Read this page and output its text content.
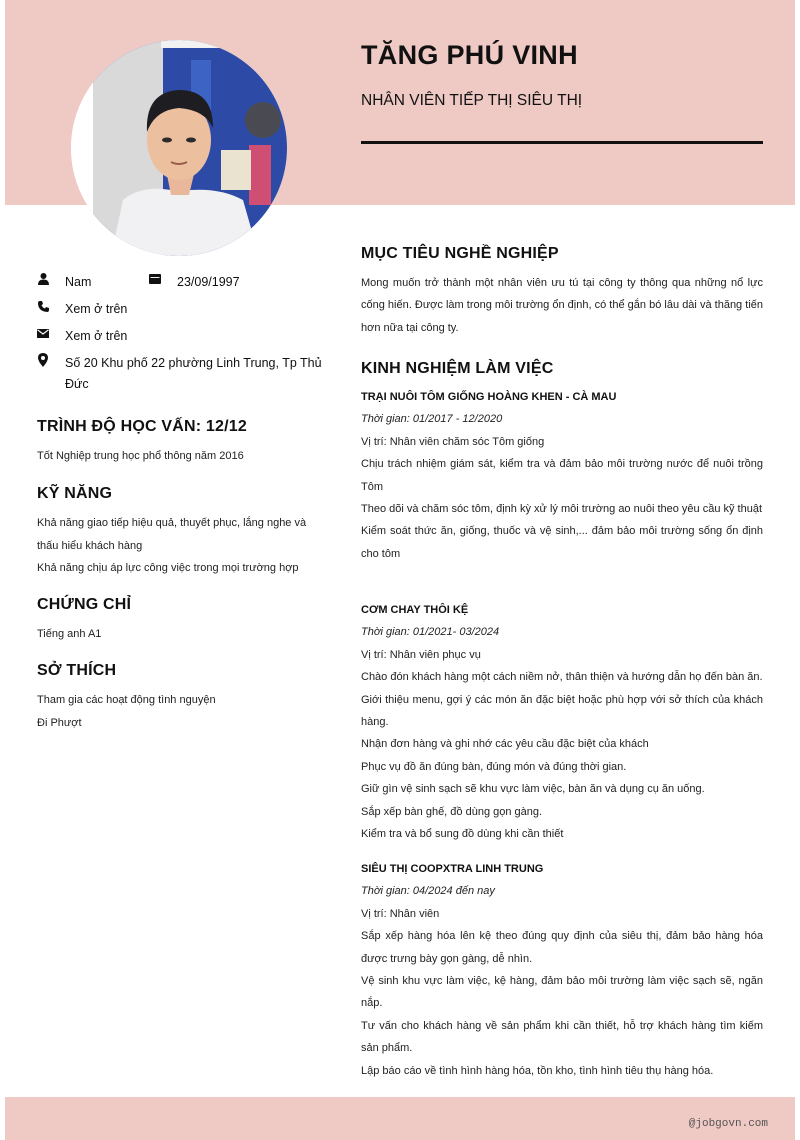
TĂNG PHÚ VINH
NHÂN VIÊN TIẾP THỊ SIÊU THỊ
Nam	23/09/1997
Xem ở trên
Xem ở trên
Số 20 Khu phố 22 phường Linh Trung, Tp Thủ Đức
TRÌNH ĐỘ HỌC VẤN: 12/12
Tốt Nghiệp trung học phổ thông năm 2016
KỸ NĂNG
Khả năng giao tiếp hiệu quả, thuyết phục, lắng nghe và thấu hiểu khách hàng
Khả năng chịu áp lực công việc trong mọi trường hợp
CHỨNG CHỈ
Tiếng anh A1
SỞ THÍCH
Tham gia các hoạt động tình nguyện
Đi Phượt
MỤC TIÊU NGHỀ NGHIỆP
Mong muốn trở thành một nhân viên ưu tú tại công ty thông qua những nổ lực cống hiến. Được làm trong môi trường ổn định, có thể gắn bó lâu dài và thăng tiến hơn nữa tại công ty.
KINH NGHIỆM LÀM VIỆC
TRẠI NUÔI TÔM GIỐNG HOÀNG KHEN - CÀ MAU
Thời gian: 01/2017 - 12/2020
Vị trí: Nhân viên chăm sóc Tôm giống
Chịu trách nhiệm giám sát, kiểm tra và đảm bảo môi trường nước để nuôi trồng Tôm
Theo dõi và chăm sóc tôm, định kỳ xử lý môi trường ao nuôi theo yêu cầu kỹ thuật
Kiểm soát thức ăn, giống, thuốc và vệ sinh,... đảm bảo môi trường sống ổn định cho tôm
CƠM CHAY THÔI KỆ
Thời gian: 01/2021- 03/2024
Vị trí: Nhân viên phục vụ
Chào đón khách hàng một cách niềm nở, thân thiện và hướng dẫn họ đến bàn ăn.
Giới thiệu menu, gợi ý các món ăn đặc biệt hoặc phù hợp với sở thích của khách hàng.
Nhận đơn hàng và ghi nhớ các yêu cầu đặc biệt của khách
Phục vụ đồ ăn đúng bàn, đúng món và đúng thời gian.
Giữ gìn vệ sinh sạch sẽ khu vực làm việc, bàn ăn và dụng cụ ăn uống.
Sắp xếp bàn ghế, đồ dùng gọn gàng.
Kiểm tra và bổ sung đồ dùng khi cần thiết
SIÊU THỊ COOPXTRA LINH TRUNG
Thời gian: 04/2024 đến nay
Vị trí: Nhân viên
Sắp xếp hàng hóa lên kệ theo đúng quy định của siêu thị, đảm bảo hàng hóa được trưng bày gọn gàng, dễ nhìn.
Vệ sinh khu vực làm việc, kệ hàng, đảm bảo môi trường làm việc sạch sẽ, ngăn nắp.
Tư vấn cho khách hàng về sản phẩm khi cần thiết, hỗ trợ khách hàng tìm kiếm sản phẩm.
Lập báo cáo về tình hình hàng hóa, tồn kho, tình hình tiêu thụ hàng hóa.
@jobgovn.com
